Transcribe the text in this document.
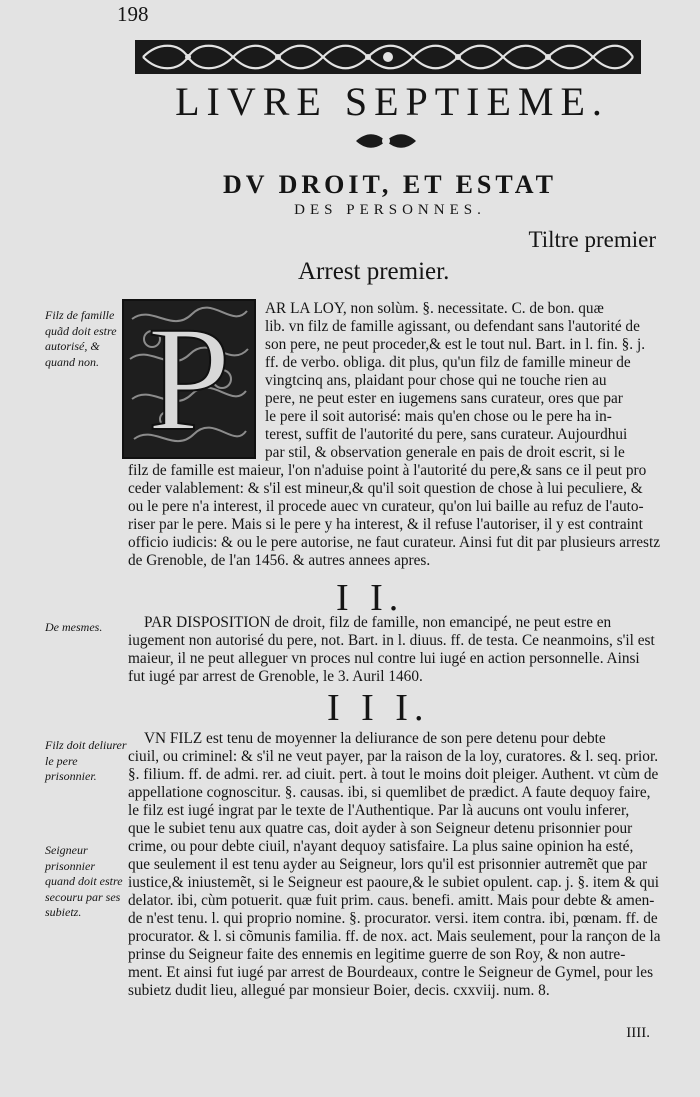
198
LIVRE SEPTIEME.
DV DROIT, ET ESTAT
DES PERSONNES.
Tiltre premier
Arrest premier.
P
Filz de famille quãd doit estre autorisé, & quand non.
De mesmes.
Filz doit deliurer le pere prisonnier.
Seigneur prisonnier quand doit estre secouru par ses subietz.
AR LA LOY, non solùm. §. necessitate. C. de bon. quæ
lib. vn filz de famille agissant, ou defendant sans l'autorité de
son pere, ne peut proceder,& est le tout nul. Bart. in l. fin. §. j.
ff. de verbo. obliga. dit plus, qu'un filz de famille mineur de
vingtcinq ans, plaidant pour chose qui ne touche rien au
pere, ne peut ester en iugemens sans curateur, ores que par
le pere il soit autorisé: mais qu'en chose ou le pere ha in-
terest, suffit de l'autorité du pere, sans curateur. Aujourdhui
par stil, & observation generale en pais de droit escrit, si le
filz de famille est maieur, l'on n'aduise point à l'autorité du pere,& sans ce il peut pro
ceder valablement: & s'il est mineur,& qu'il soit question de chose à lui peculiere, &
ou le pere n'a interest, il procede auec vn curateur, qu'on lui baille au refuz de l'auto-
riser par le pere. Mais si le pere y ha interest, & il refuse l'autoriser, il y est contraint
officio iudicis: & ou le pere autorise, ne faut curateur. Ainsi fut dit par plusieurs arrestz
de Grenoble, de l'an 1456. & autres annees apres.
I I.
PAR DISPOSITION de droit, filz de famille, non emancipé, ne peut estre en
iugement non autorisé du pere, not. Bart. in l. diuus. ff. de testa. Ce neanmoins, s'il est
maieur, il ne peut alleguer vn proces nul contre lui iugé en action personnelle. Ainsi
fut iugé par arrest de Grenoble, le 3. Auril 1460.
I I I.
VN FILZ est tenu de moyenner la deliurance de son pere detenu pour debte
ciuil, ou criminel: & s'il ne veut payer, par la raison de la loy, curatores. & l. seq. prior.
§. filium. ff. de admi. rer. ad ciuit. pert. à tout le moins doit pleiger. Authent. vt cùm de
appellatione cognoscitur. §. causas. ibi, si quemlibet de prædict. A faute dequoy faire,
le filz est iugé ingrat par le texte de l'Authentique. Par là aucuns ont voulu inferer,
que le subiet tenu aux quatre cas, doit ayder à son Seigneur detenu prisonnier pour
crime, ou pour debte ciuil, n'ayant dequoy satisfaire. La plus saine opinion ha esté,
que seulement il est tenu ayder au Seigneur, lors qu'il est prisonnier autremẽt que par
iustice,& iniustemẽt, si le Seigneur est paoure,& le subiet opulent. cap. j. §. item & qui
delator. ibi, cùm potuerit. quæ fuit prim. caus. benefi. amitt. Mais pour debte & amen-
de n'est tenu. l. qui proprio nomine. §. procurator. versi. item contra. ibi, pœnam. ff. de
procurator. & l. si cõmunis familia. ff. de nox. act. Mais seulement, pour la rançon de la
prinse du Seigneur faite des ennemis en legitime guerre de son Roy, & non autre-
ment. Et ainsi fut iugé par arrest de Bourdeaux, contre le Seigneur de Gymel, pour les
subietz dudit lieu, allegué par monsieur Boier, decis. cxxviij. num. 8.
IIII.
